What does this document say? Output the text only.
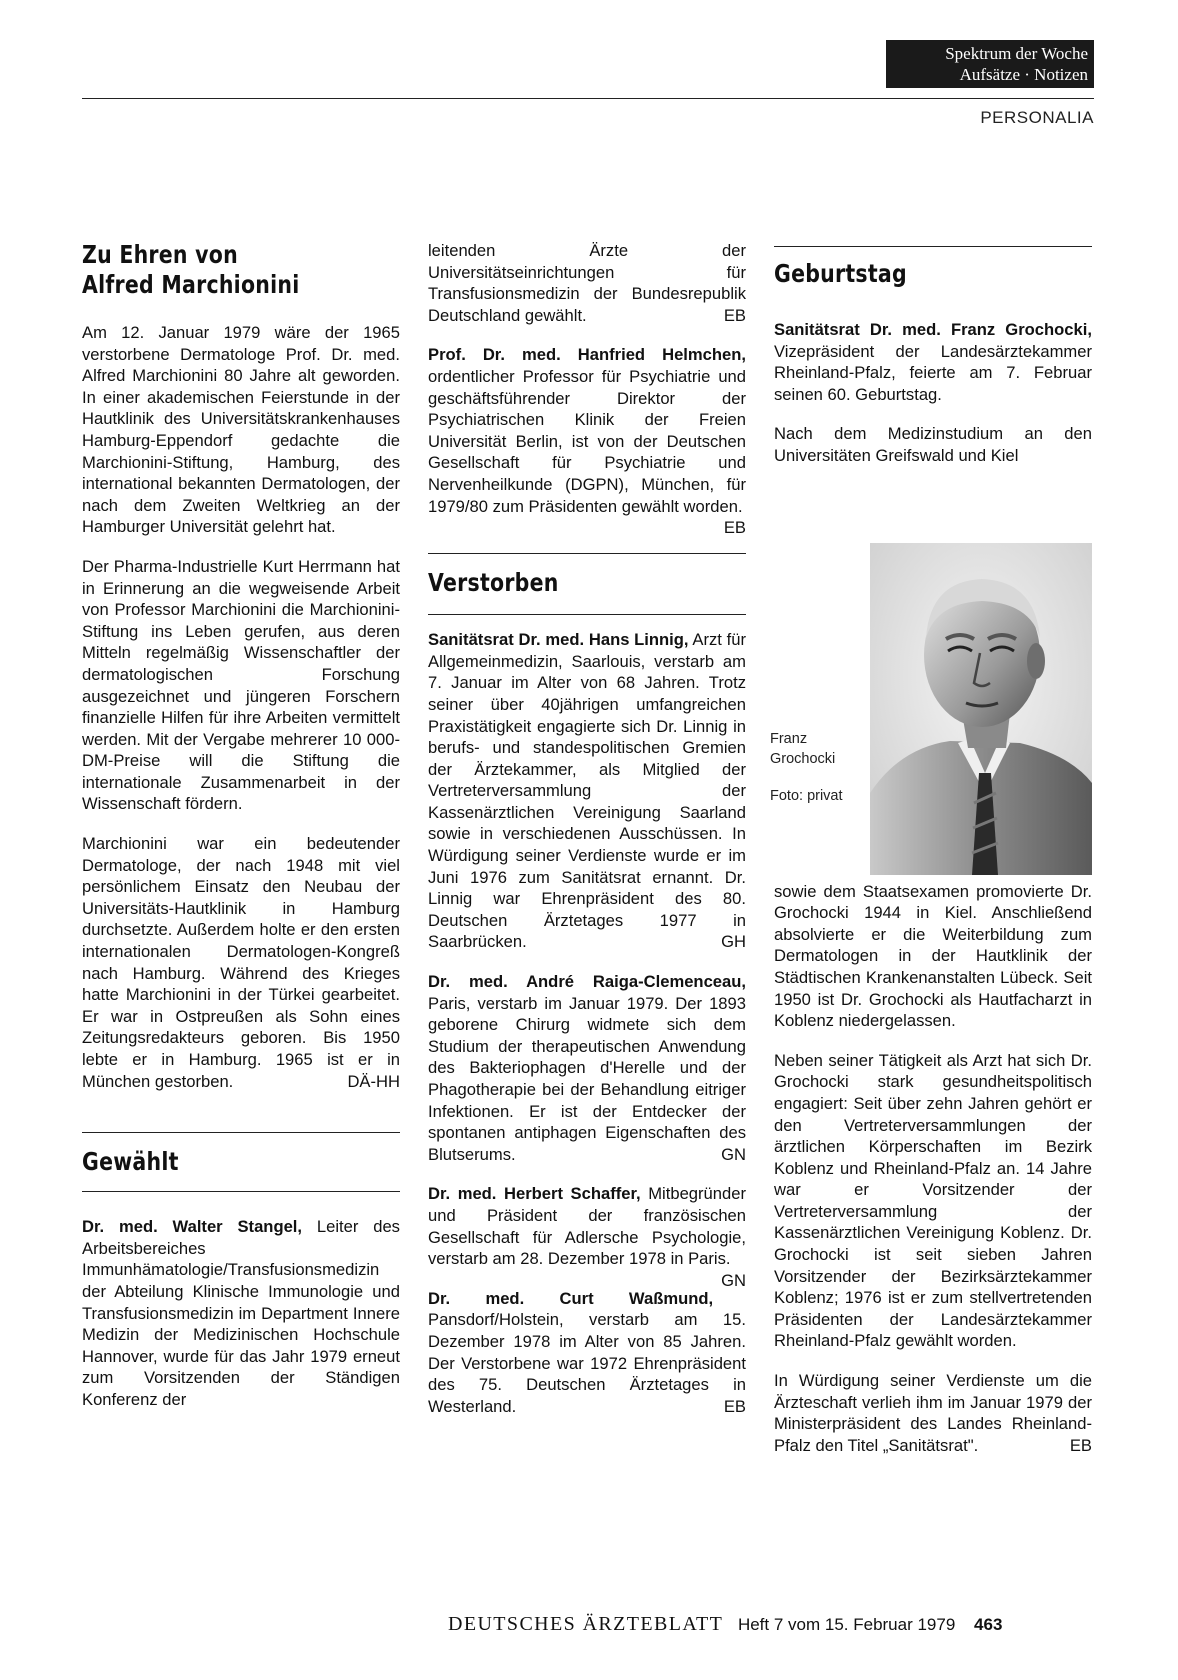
Spektrum der Woche
Aufsätze · Notizen
PERSONALIA
Zu Ehren von
Alfred Marchionini

Am 12. Januar 1979 wäre der 1965 verstorbene Dermatologe Prof. Dr. med. Alfred Marchionini 80 Jahre alt geworden. In einer akademischen Feierstunde in der Hautklinik des Universitätskrankenhauses Hamburg-Eppendorf gedachte die Marchionini-Stiftung, Hamburg, des international bekannten Dermatologen, der nach dem Zweiten Weltkrieg an der Hamburger Universität gelehrt hat.

Der Pharma-Industrielle Kurt Herrmann hat in Erinnerung an die wegweisende Arbeit von Professor Marchionini die Marchionini-Stiftung ins Leben gerufen, aus deren Mitteln regelmäßig Wissenschaftler der dermatologischen Forschung ausgezeichnet und jüngeren Forschern finanzielle Hilfen für ihre Arbeiten vermittelt werden. Mit der Vergabe mehrerer 10 000-DM-Preise will die Stiftung die internationale Zusammenarbeit in der Wissenschaft fördern.

Marchionini war ein bedeutender Dermatologe, der nach 1948 mit viel persönlichem Einsatz den Neubau der Universitäts-Hautklinik in Hamburg durchsetzte. Außerdem holte er den ersten internationalen Dermatologen-Kongreß nach Hamburg. Während des Krieges hatte Marchionini in der Türkei gearbeitet. Er war in Ostpreußen als Sohn eines Zeitungsredakteurs geboren. Bis 1950 lebte er in Hamburg. 1965 ist er in München gestorben.	DÄ-HH

Gewählt

Dr. med. Walter Stangel, Leiter des Arbeitsbereiches Immunhämatologie/Transfusionsmedizin der Abteilung Klinische Immunologie und Transfusionsmedizin im Department Innere Medizin der Medizinischen Hochschule Hannover, wurde für das Jahr 1979 erneut zum Vorsitzenden der Ständigen Konferenz der

leitenden Ärzte der Universitätseinrichtungen für Transfusionsmedizin der Bundesrepublik Deutschland gewählt.	EB

Prof. Dr. med. Hanfried Helmchen, ordentlicher Professor für Psychiatrie und geschäftsführender Direktor der Psychiatrischen Klinik der Freien Universität Berlin, ist von der Deutschen Gesellschaft für Psychiatrie und Nervenheilkunde (DGPN), München, für 1979/80 zum Präsidenten gewählt worden.
EB

Verstorben

Sanitätsrat Dr. med. Hans Linnig, Arzt für Allgemeinmedizin, Saarlouis, verstarb am 7. Januar im Alter von 68 Jahren. Trotz seiner über 40jährigen umfangreichen Praxistätigkeit engagierte sich Dr. Linnig in berufs- und standespolitischen Gremien der Ärztekammer, als Mitglied der Vertreterversammlung der Kassenärztlichen Vereinigung Saarland sowie in verschiedenen Ausschüssen. In Würdigung seiner Verdienste wurde er im Juni 1976 zum Sanitätsrat ernannt. Dr. Linnig war Ehrenpräsident des 80. Deutschen Ärztetages 1977 in Saarbrücken.	GH

Dr. med. André Raiga-Clemenceau, Paris, verstarb im Januar 1979. Der 1893 geborene Chirurg widmete sich dem Studium der therapeutischen Anwendung des Bakteriophagen d'Herelle und der Phagotherapie bei der Behandlung eitriger Infektionen. Er ist der Entdecker der spontanen antiphagen Eigenschaften des Blutserums.	GN

Dr. med. Herbert Schaffer, Mitbegründer und Präsident der französischen Gesellschaft für Adlersche Psychologie, verstarb am 28. Dezember 1978 in Paris.
GN

Dr. med. Curt Waßmund, Pansdorf/Holstein, verstarb am 15. Dezember 1978 im Alter von 85 Jahren. Der Verstorbene war 1972 Ehrenpräsident des 75. Deutschen Ärztetages in Westerland.	EB

Geburtstag

Sanitätsrat Dr. med. Franz Grochocki, Vizepräsident der Landesärztekammer Rheinland-Pfalz, feierte am 7. Februar seinen 60. Geburtstag.

Nach dem Medizinstudium an den Universitäten Greifswald und Kiel

sowie dem Staatsexamen promovierte Dr. Grochocki 1944 in Kiel. Anschließend absolvierte er die Weiterbildung zum Dermatologen in der Hautklinik der Städtischen Krankenanstalten Lübeck. Seit 1950 ist Dr. Grochocki als Hautfacharzt in Koblenz niedergelassen.

Neben seiner Tätigkeit als Arzt hat sich Dr. Grochocki stark gesundheitspolitisch engagiert: Seit über zehn Jahren gehört er den Vertreterversammlungen der ärztlichen Körperschaften im Bezirk Koblenz und Rheinland-Pfalz an. 14 Jahre war er Vorsitzender der Vertreterversammlung der Kassenärztlichen Vereinigung Koblenz. Dr. Grochocki ist seit sieben Jahren Vorsitzender der Bezirksärztekammer Koblenz; 1976 ist er zum stellvertretenden Präsidenten der Landesärztekammer Rheinland-Pfalz gewählt worden.

In Würdigung seiner Verdienste um die Ärzteschaft verlieh ihm im Januar 1979 der Ministerpräsident des Landes Rheinland-Pfalz den Titel „Sanitätsrat".	EB

Franz
Grochocki
Foto: privat
DEUTSCHES ÄRZTEBLATT Heft 7 vom 15. Februar 1979 463
